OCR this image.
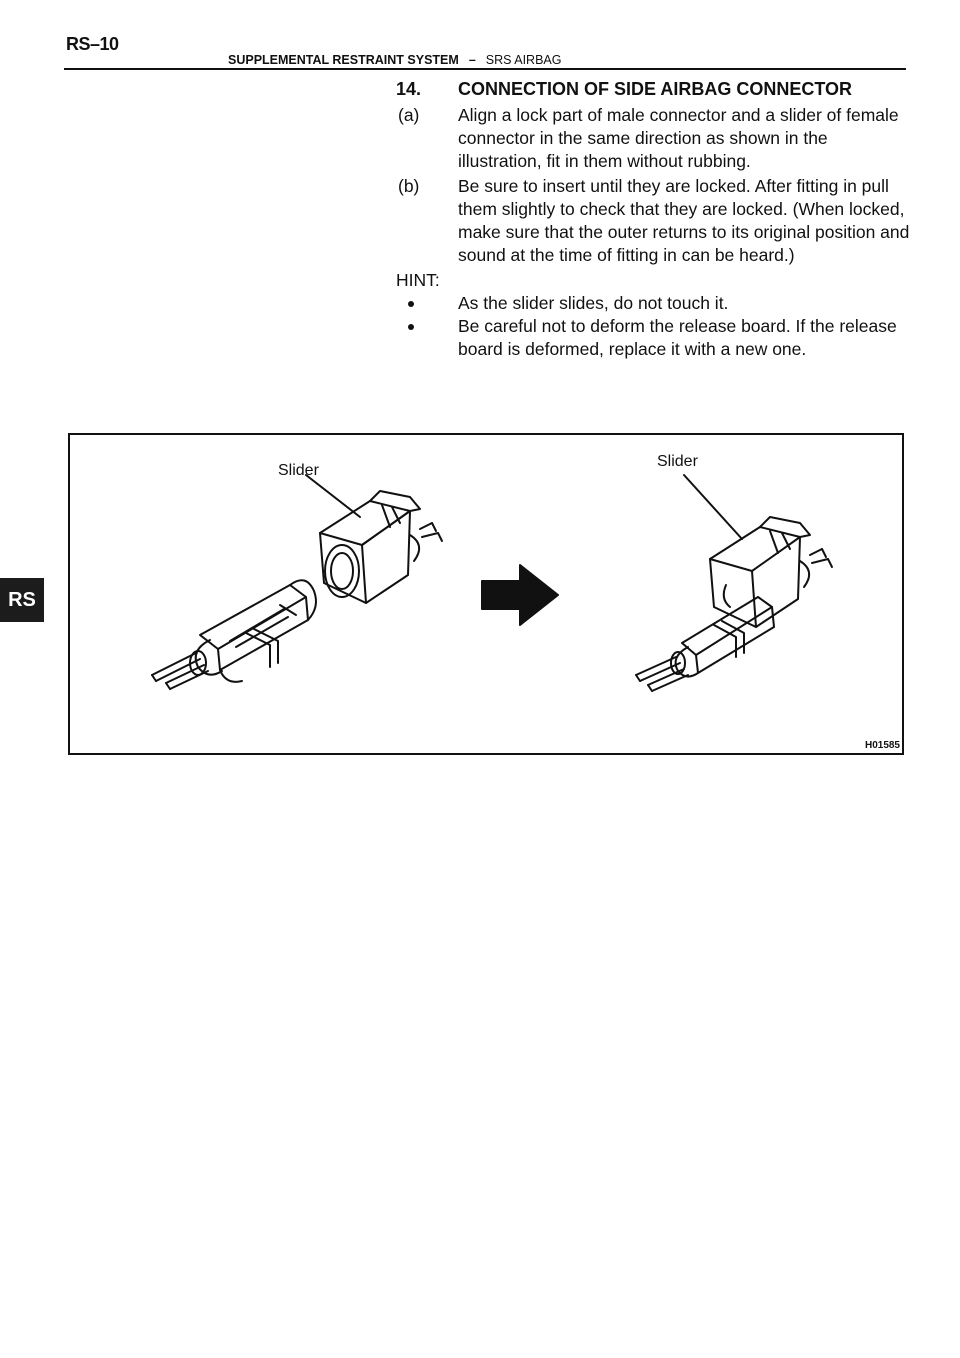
RS–10
SUPPLEMENTAL RESTRAINT SYSTEM – SRS AIRBAG
14. CONNECTION OF SIDE AIRBAG CONNECTOR
(a) Align a lock part of male connector and a slider of female connector in the same direction as shown in the illustration, fit in them without rubbing.
(b) Be sure to insert until they are locked. After fitting in pull them slightly to check that they are locked. (When locked, make sure that the outer returns to its original position and sound at the time of fitting in can be heard.)
HINT:
As the slider slides, do not touch it.
Be careful not to deform the release board. If the release board is deformed, replace it with a new one.
RS
Slider
Slider
H01585
